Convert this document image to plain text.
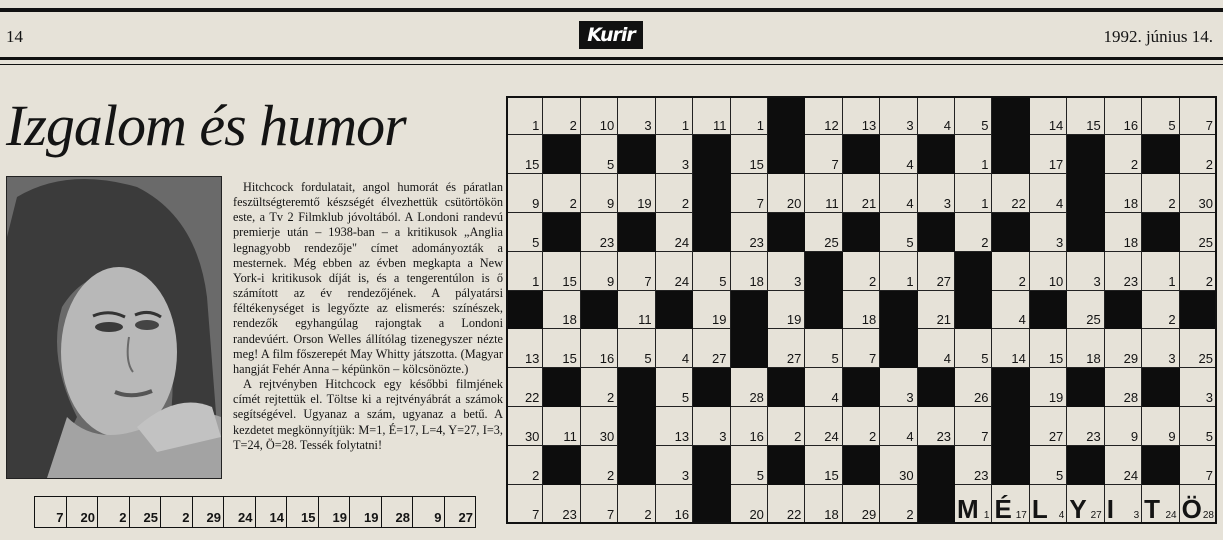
14	Kurir	1992. június 14.
Izgalom és humor

Hitchcock fordulatait, angol humorát és páratlan feszültségteremtő készségét élvezhettük csütörtökön este, a Tv 2 Filmklub jóvoltából. A Londoni randevú premierje után – 1938-ban – a kritikusok „Anglia legnagyobb rendezője" címet adományozták a mesternek. Még ebben az évben megkapta a New York-i kritikusok díját is, és a tengerentúlon is ő számított az év rendezőjének. A pályatársi féltékenységet is legyőzte az elismerés: színészek, rendezők egyhangúlag rajongtak a Londoni randevúért. Orson Welles állítólag tizenegyszer nézte meg! A film főszerepét May Whitty játszotta. (Magyar hangját Fehér Anna – képünkön – kölcsönözte.)

A rejtvényben Hitchcock egy későbbi filmjének címét rejtettük el. Töltse ki a rejtvényábrát a számok segítségével. Ugyanaz a szám, ugyanaz a betű. A kezdetet megkönnyítjük: M=1, É=17, L=4, Y=27, I=3, T=24, Ö=28. Tessék folytatni!

7	20	2	25	2	29	24	14	15	19	19	28	9	27
1 2 10 3 1 11 1	12 13 3 4 5	14 15 16 5 7
15	5	3	15	7	4	1	17	2	2
9 2 9 19 2	7 20 11 21 4 3 1 22 4	18 2 30
5	23	24	23	25	5	2	3	18	25
1 15 9 7 24 5 18 3	2 1 27	2 10 3 23 1 2
18	11	19	19	18	21	4	25	2
13 15 16 5 4 27	27 5 7	4 5 14 15 18 29 3 25
22	2	5	28	4	3	26	19	28	3
30 11 30	13 3 16 2 24 2 4 23 7	27 23 9 9 5
2	2	3	5	15	30	23	5	24	7
7 23 7 2 16	20 22 18 29 2 M 1 É 17 L 4 Y 27 I 3 T 24 Ö 28
